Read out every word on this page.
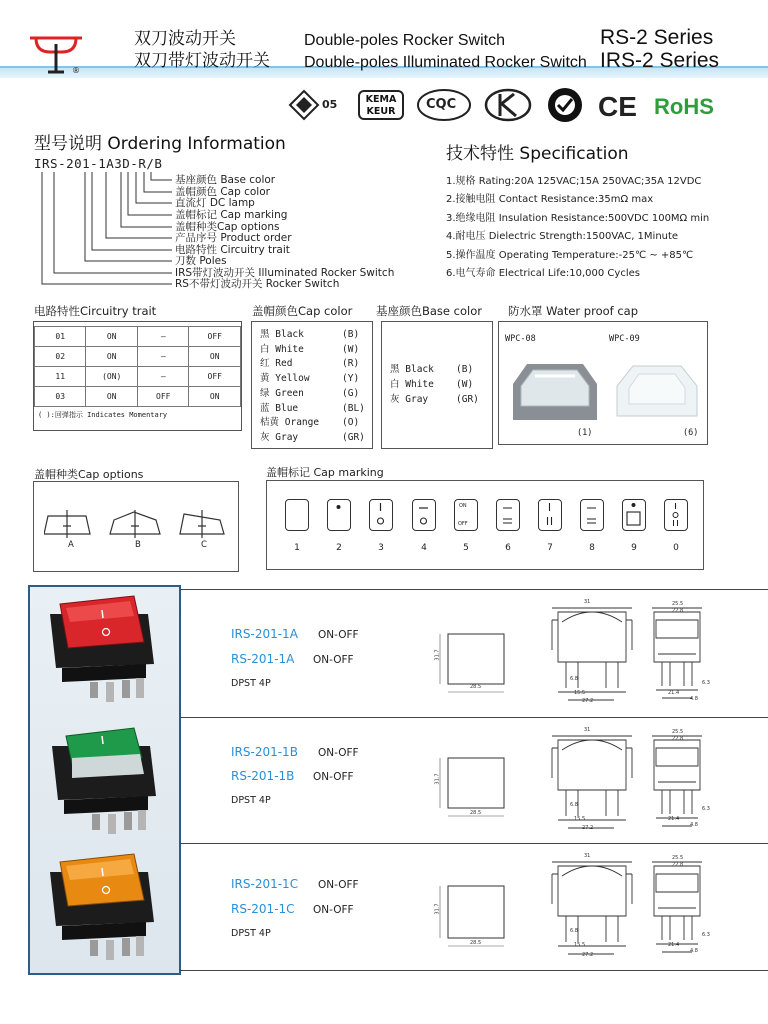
®
双刀波动开关	Double-poles Rocker Switch
双刀带灯波动开关 Double-poles Illuminated Rocker Switch
RS-2 Series
IRS-2 Series
05	KEMA
KEUR	CQC	CE RoHS
型号说明 Ordering Information
IRS-201-1A3D-R/B
基座颜色 Base color
盖帽颜色 Cap color
直流灯 DC lamp
盖帽标记 Cap marking
盖帽种类Cap options
产品序号 Product order
电路特性 Circuitry trait
刀数 Poles
IRS带灯波动开关 Illuminated Rocker Switch
RS不带灯波动开关 Rocker Switch
技术特性 Specification
1.规格 Rating:20A 125VAC;15A 250VAC;35A 12VDC
2.接触电阻 Contact Resistance:35mΩ max
3.绝缘电阻 Insulation Resistance:500VDC 100MΩ min
4.耐电压 Dielectric Strength:1500VAC, 1Minute
5.操作温度 Operating Temperature:-25℃ ~ +85℃
6.电气寿命 Electrical Life:10,000 Cycles
电路特性Circuitry trait
01	ON	—	OFF
02	ON	—	ON
11	(ON)	—	OFF
03	ON	OFF	ON
( ):回弹指示 Indicates Momentary
盖帽颜色Cap color 基座颜色Base color 防水罩 Water proof cap
黑 Black	(B)
白 White	(W)
红 Red	(R)
黄 Yellow	(Y)
绿 Green	(G)
蓝 Blue	(BL)
桔黄 Orange (O)
灰 Gray	(GR)
黑 Black (B)
白 White (W)
灰 Gray	(GR)
WPC-08	WPC-09
(1)	(6)
盖帽种类Cap options
A	B	C
盖帽标记 Cap marking
ON
OFF
1	2	3	4	5	6	7	8	9	0
IRS-201-1A ON-OFF
RS-201-1A ON-OFF
DPST 4P
IRS-201-1B ON-OFF
RS-201-1B ON-OFF
DPST 4P
IRS-201-1C ON-OFF
RS-201-1C ON-OFF
DPST 4P
31.7
28.5
31
6.8
15.5
27.2
25.5
22.8
21.4
6.3
4.8
31.7
28.5
31
6.8
15.5
27.2
25.5
22.8
21.4
6.3
4.8
31.7
28.5
31
6.8
15.5
27.2
25.5
22.8
21.4
6.3
4.8
